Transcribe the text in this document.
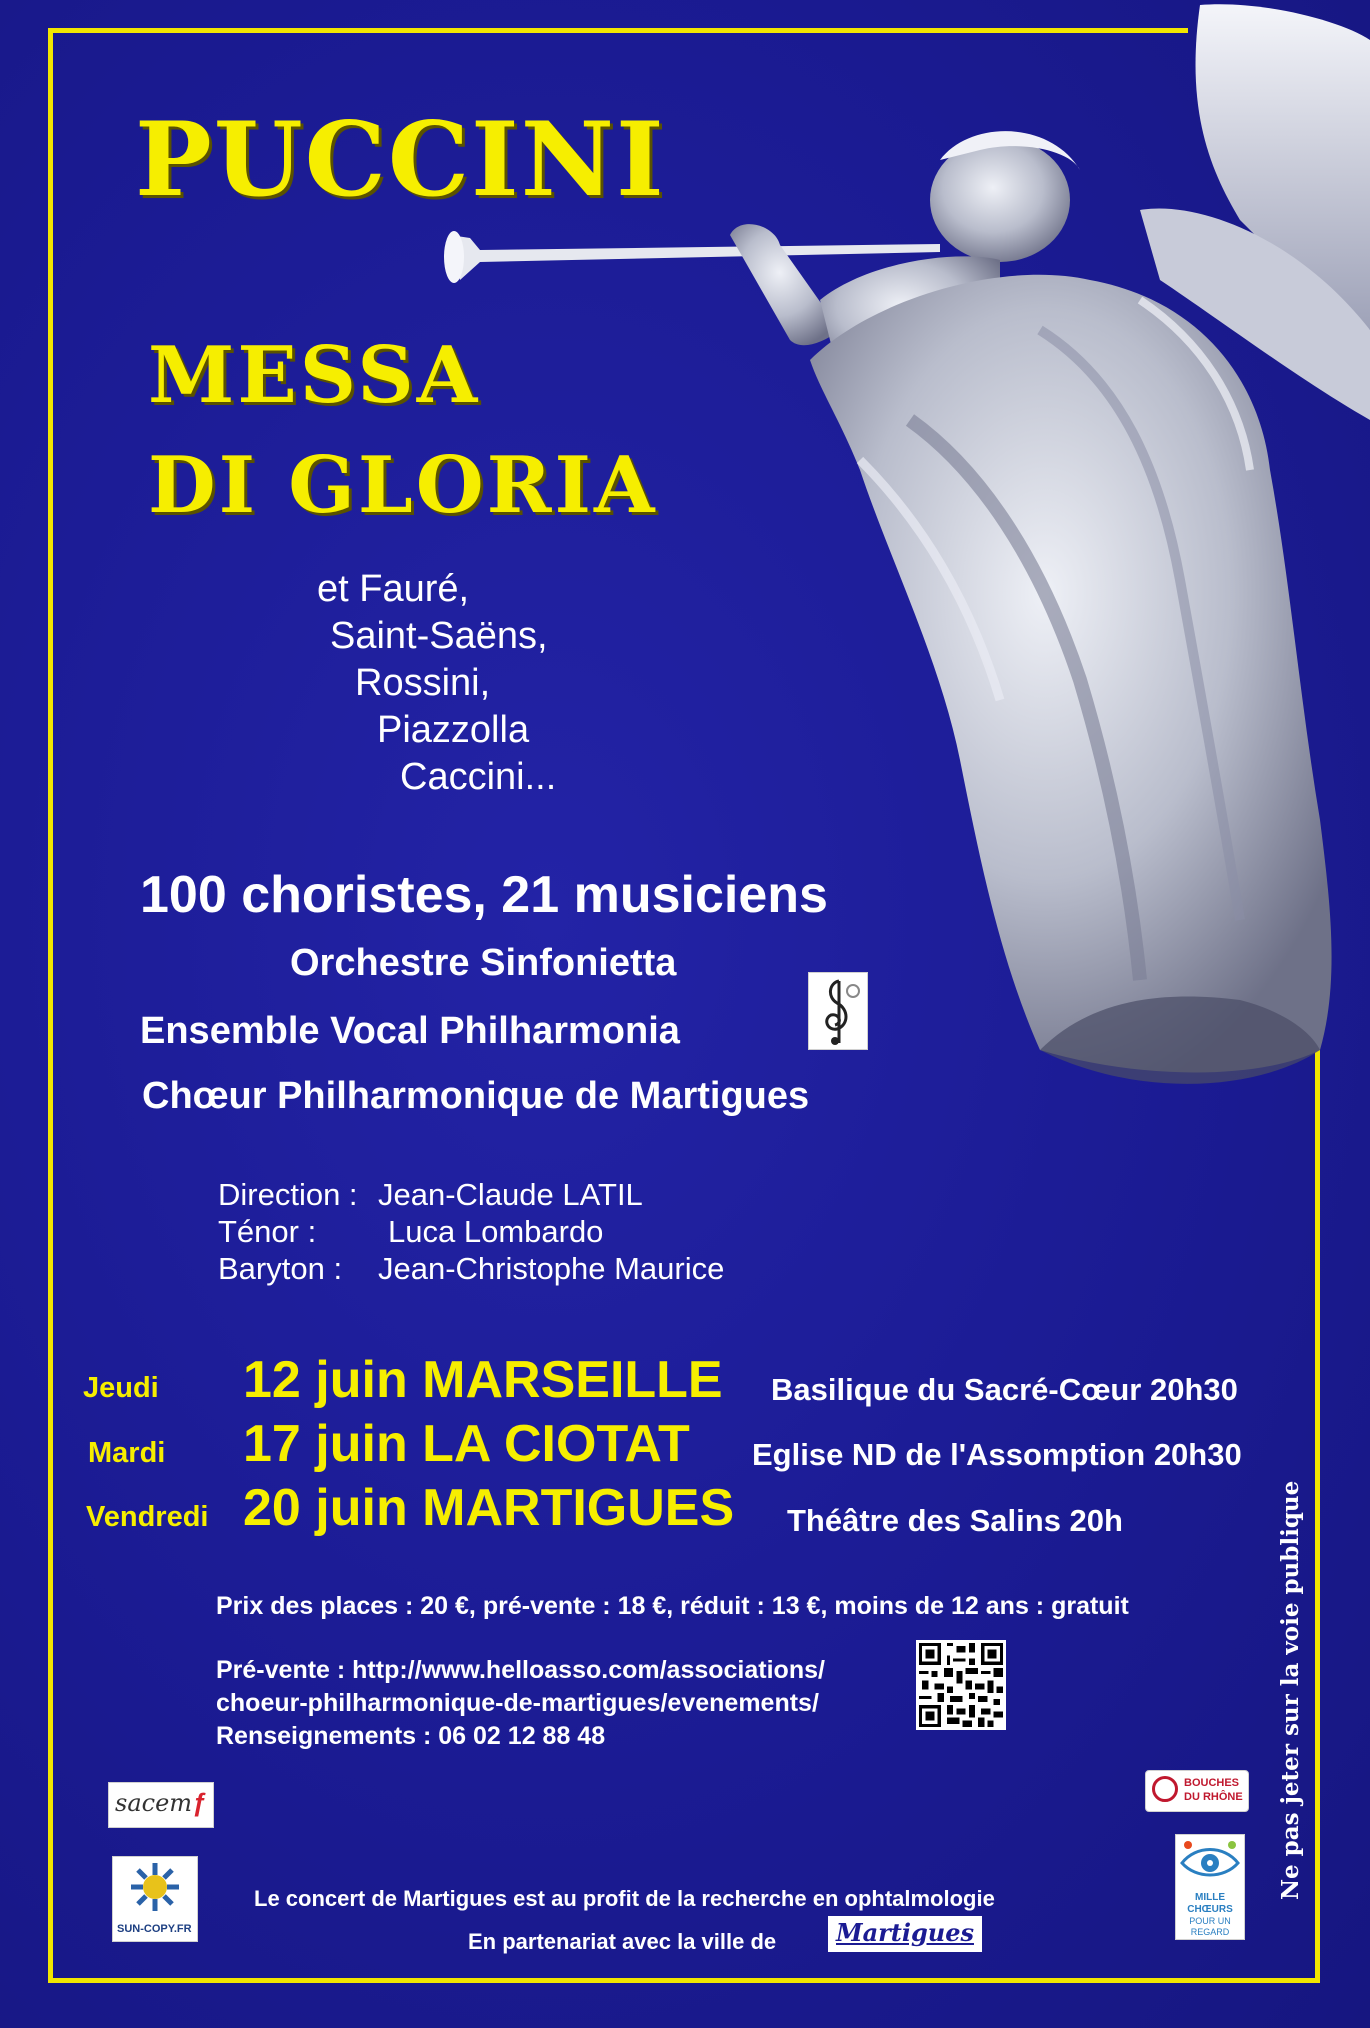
PUCCINI
MESSA
DI GLORIA
et Fauré,
Saint-Saëns,
Rossini,
Piazzolla
Caccini...
100 choristes, 21 musiciens
Orchestre Sinfonietta
Ensemble Vocal Philharmonia
Chœur Philharmonique de Martigues
Direction : Jean-Claude LATIL
Ténor : Luca Lombardo
Baryton : Jean-Christophe Maurice
Jeudi 12 juin MARSEILLE Basilique du Sacré-Cœur 20h30
Mardi 17 juin LA CIOTAT Eglise ND de l'Assomption 20h30
Vendredi 20 juin MARTIGUES Théâtre des Salins 20h
Prix des places : 20 €, pré-vente : 18 €, réduit : 13 €, moins de 12 ans : gratuit
Pré-vente : http://www.helloasso.com/associations/
choeur-philharmonique-de-martigues/evenements/
Renseignements : 06 02 12 88 48
sacem ƒ
SUN-COPY.FR
BOUCHES
DU RHÔNE
MILLE
CHŒURS
POUR UN
REGARD
Le concert de Martigues est au profit de la recherche en ophtalmologie
En partenariat avec la ville de	Martigues
Ne pas jeter sur la voie publique
